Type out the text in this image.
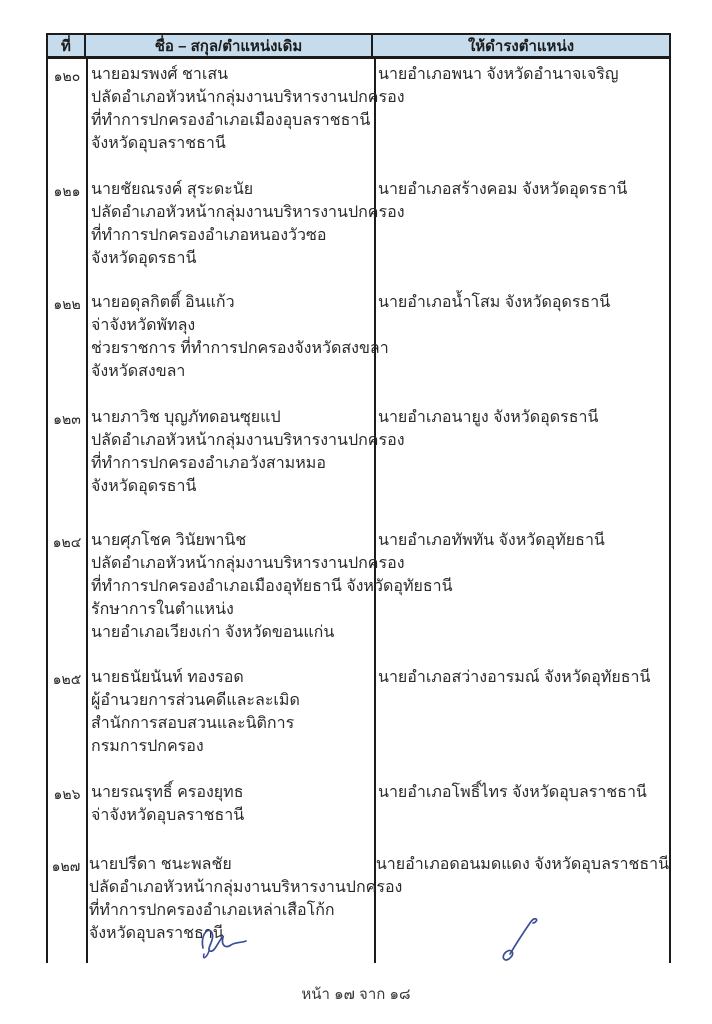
ที่	ชื่อ – สกุล/ตำแหน่งเดิม	ให้ดำรงตำแหน่ง
๑๒๐ นายอมรพงศ์ ชาเสน
ปลัดอำเภอหัวหน้ากลุ่มงานบริหารงานปกครอง
ที่ทำการปกครองอำเภอเมืองอุบลราชธานี
จังหวัดอุบลราชธานี
นายอำเภอพนา จังหวัดอำนาจเจริญ
๑๒๑ นายชัยณรงค์ สุระดะนัย
ปลัดอำเภอหัวหน้ากลุ่มงานบริหารงานปกครอง
ที่ทำการปกครองอำเภอหนองวัวซอ
จังหวัดอุดรธานี
นายอำเภอสร้างคอม จังหวัดอุดรธานี
๑๒๒ นายอดุลกิตติ์ อินแก้ว
จ่าจังหวัดพัทลุง
ช่วยราชการ ที่ทำการปกครองจังหวัดสงขลา
จังหวัดสงขลา
นายอำเภอน้ำโสม จังหวัดอุดรธานี
๑๒๓ นายภาวิช บุญภัทดอนซุยแป
ปลัดอำเภอหัวหน้ากลุ่มงานบริหารงานปกครอง
ที่ทำการปกครองอำเภอวังสามหมอ
จังหวัดอุดรธานี
นายอำเภอนายูง จังหวัดอุดรธานี
๑๒๔ นายศุภโชค วินัยพานิช
ปลัดอำเภอหัวหน้ากลุ่มงานบริหารงานปกครอง
ที่ทำการปกครองอำเภอเมืองอุทัยธานี จังหวัดอุทัยธานี
รักษาการในตำแหน่ง
นายอำเภอเวียงเก่า จังหวัดขอนแก่น
นายอำเภอทัพทัน จังหวัดอุทัยธานี
๑๒๕ นายธนัยนันท์ ทองรอด
ผู้อำนวยการส่วนคดีและละเมิด
สำนักการสอบสวนและนิติการ
กรมการปกครอง
นายอำเภอสว่างอารมณ์ จังหวัดอุทัยธานี
๑๒๖ นายรณรุทธิ์ ครองยุทธ
จ่าจังหวัดอุบลราชธานี
นายอำเภอโพธิ์ไทร จังหวัดอุบลราชธานี
๑๒๗ นายปรีดา ชนะพลชัย
ปลัดอำเภอหัวหน้ากลุ่มงานบริหารงานปกครอง
ที่ทำการปกครองอำเภอเหล่าเสือโก้ก
จังหวัดอุบลราชธานี
นายอำเภอดอนมดแดง จังหวัดอุบลราชธานี
หน้า ๑๗ จาก ๑๘
